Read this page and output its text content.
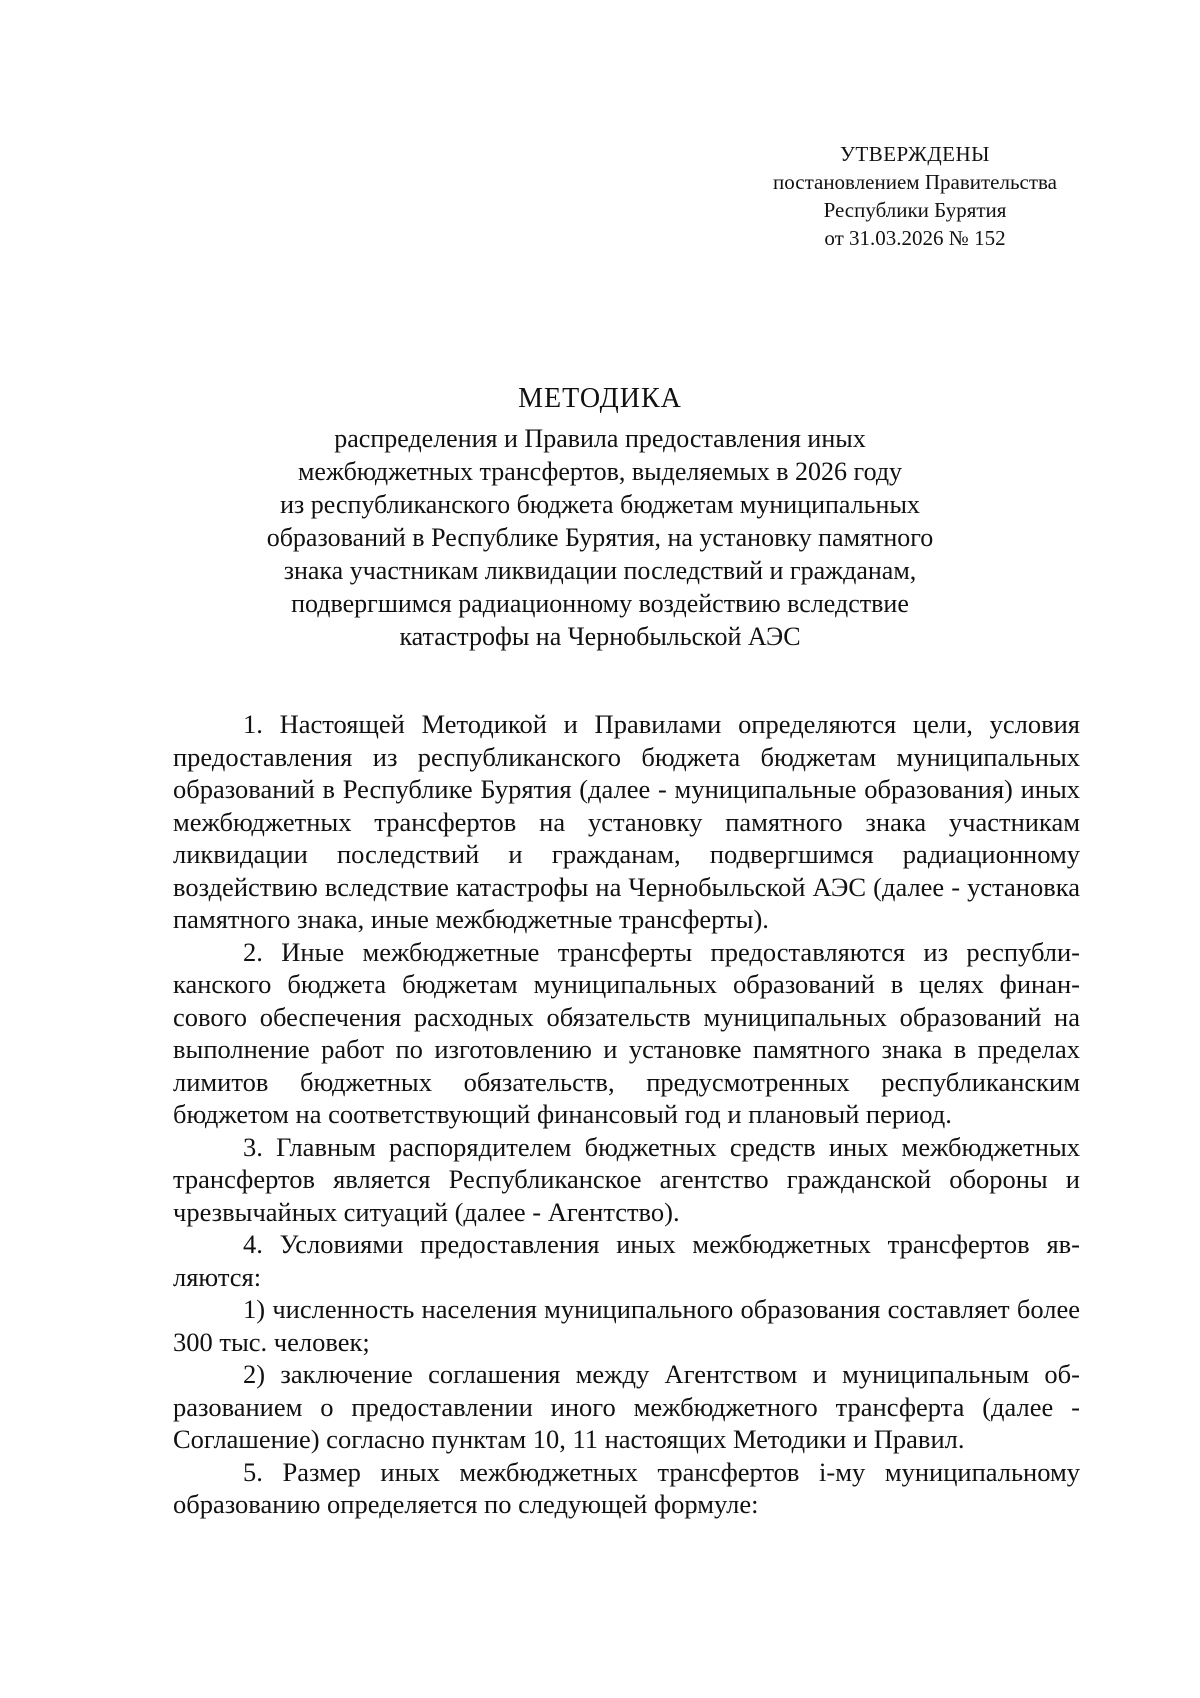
УТВЕРЖДЕНЫ
постановлением Правительства
Республики Бурятия
от 31.03.2026 № 152
МЕТОДИКА
распределения и Правила предоставления иных
межбюджетных трансфертов, выделяемых в 2026 году
из республиканского бюджета бюджетам муниципальных
образований в Республике Бурятия, на установку памятного
знака участникам ликвидации последствий и гражданам,
подвергшимся радиационному воздействию вследствие
катастрофы на Чернобыльской АЭС

1. Настоящей Методикой и Правилами определяются цели, условия предоставления из республиканского бюджета бюджетам муниципальных образований в Республике Бурятия (далее - муниципальные образования) иных межбюджетных трансфертов на установку памятного знака участникам ликвидации последствий и гражданам, подвергшимся радиационному воздействию вследствие катастрофы на Чернобыльской АЭС (далее - установка памятного знака, иные межбюджетные трансферты).

2. Иные межбюджетные трансферты предоставляются из республиканского бюджета бюджетам муниципальных образований в целях финансового обеспечения расходных обязательств муниципальных образований на выполнение работ по изготовлению и установке памятного знака в пределах лимитов бюджетных обязательств, предусмотренных республиканским бюджетом на соответствующий финансовый год и плановый период.

3. Главным распорядителем бюджетных средств иных межбюджетных трансфертов является Республиканское агентство гражданской обороны и чрезвычайных ситуаций (далее - Агентство).

4. Условиями предоставления иных межбюджетных трансфертов являются:

1) численность населения муниципального образования составляет более 300 тыс. человек;

2) заключение соглашения между Агентством и муниципальным образованием о предоставлении иного межбюджетного трансферта (далее - Соглашение) согласно пунктам 10, 11 настоящих Методики и Правил.

5. Размер иных межбюджетных трансфертов i-му муниципальному образованию определяется по следующей формуле:
